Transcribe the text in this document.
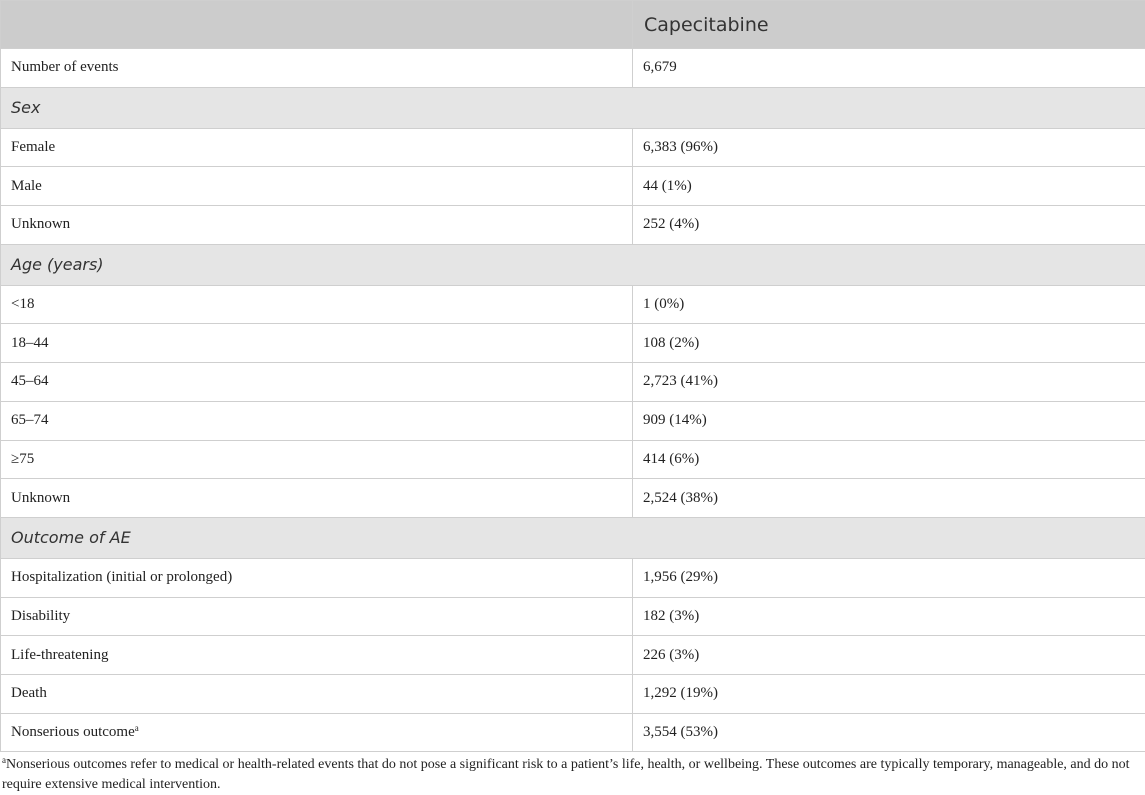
	Capecitabine
Number of events	6,679
Sex	
Female	6,383 (96%)
Male	44 (1%)
Unknown	252 (4%)
Age (years)	
<18	1 (0%)
18–44	108 (2%)
45–64	2,723 (41%)
65–74	909 (14%)
≥75	414 (6%)
Unknown	2,524 (38%)
Outcome of AE	
Hospitalization (initial or prolonged)	1,956 (29%)
Disability	182 (3%)
Life-threatening	226 (3%)
Death	1,292 (19%)
Nonserious outcome$^a$	3,554 (53%)
$^a$Nonserious outcomes refer to medical or health-related events that do not pose a significant risk to a patient’s life, health, or wellbeing. These outcomes are typically temporary, manageable, and do not require extensive medical intervention.
